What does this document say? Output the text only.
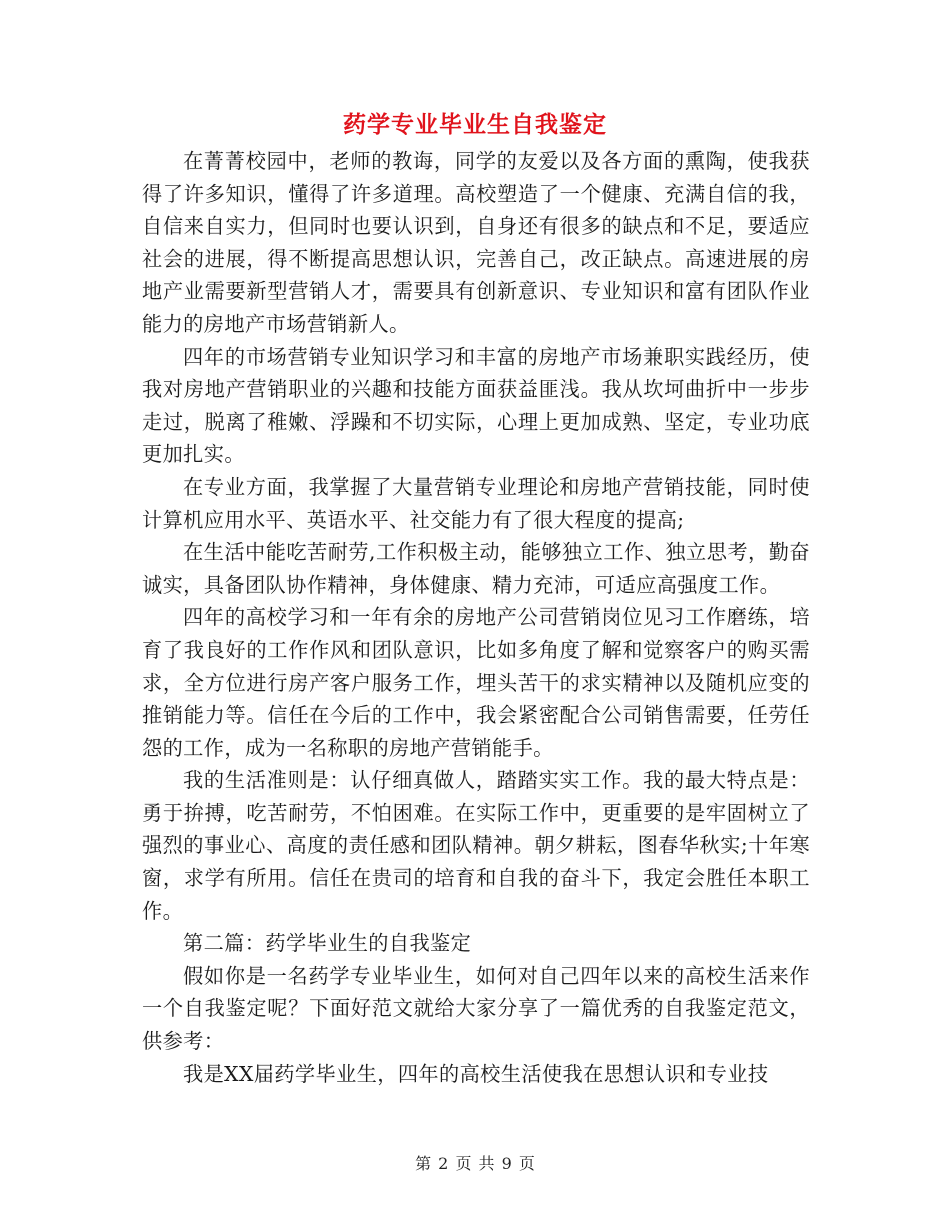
药学专业毕业生自我鉴定

在菁菁校园中，老师的教诲，同学的友爱以及各方面的熏陶，使我获得了许多知识，懂得了许多道理。高校塑造了一个健康、充满自信的我，自信来自实力，但同时也要认识到，自身还有很多的缺点和不足，要适应社会的进展，得不断提高思想认识，完善自己，改正缺点。高速进展的房地产业需要新型营销人才，需要具有创新意识、专业知识和富有团队作业能力的房地产市场营销新人。

四年的市场营销专业知识学习和丰富的房地产市场兼职实践经历，使我对房地产营销职业的兴趣和技能方面获益匪浅。我从坎坷曲折中一步步走过，脱离了稚嫩、浮躁和不切实际，心理上更加成熟、坚定，专业功底更加扎实。

在专业方面，我掌握了大量营销专业理论和房地产营销技能，同时使计算机应用水平、英语水平、社交能力有了很大程度的提高;

在生活中能吃苦耐劳,工作积极主动，能够独立工作、独立思考，勤奋诚实，具备团队协作精神，身体健康、精力充沛，可适应高强度工作。

四年的高校学习和一年有余的房地产公司营销岗位见习工作磨练，培育了我良好的工作作风和团队意识，比如多角度了解和觉察客户的购买需求，全方位进行房产客户服务工作，埋头苦干的求实精神以及随机应变的推销能力等。信任在今后的工作中，我会紧密配合公司销售需要，任劳任怨的工作，成为一名称职的房地产营销能手。

我的生活准则是：认仔细真做人，踏踏实实工作。我的最大特点是：勇于拚搏，吃苦耐劳，不怕困难。在实际工作中，更重要的是牢固树立了强烈的事业心、高度的责任感和团队精神。朝夕耕耘，图春华秋实;十年寒窗，求学有所用。信任在贵司的培育和自我的奋斗下，我定会胜任本职工作。

第二篇：药学毕业生的自我鉴定

假如你是一名药学专业毕业生，如何对自己四年以来的高校生活来作一个自我鉴定呢？下面好范文就给大家分享了一篇优秀的自我鉴定范文，供参考：

我是XX届药学毕业生，四年的高校生活使我在思想认识和专业技

第 2 页 共 9 页
